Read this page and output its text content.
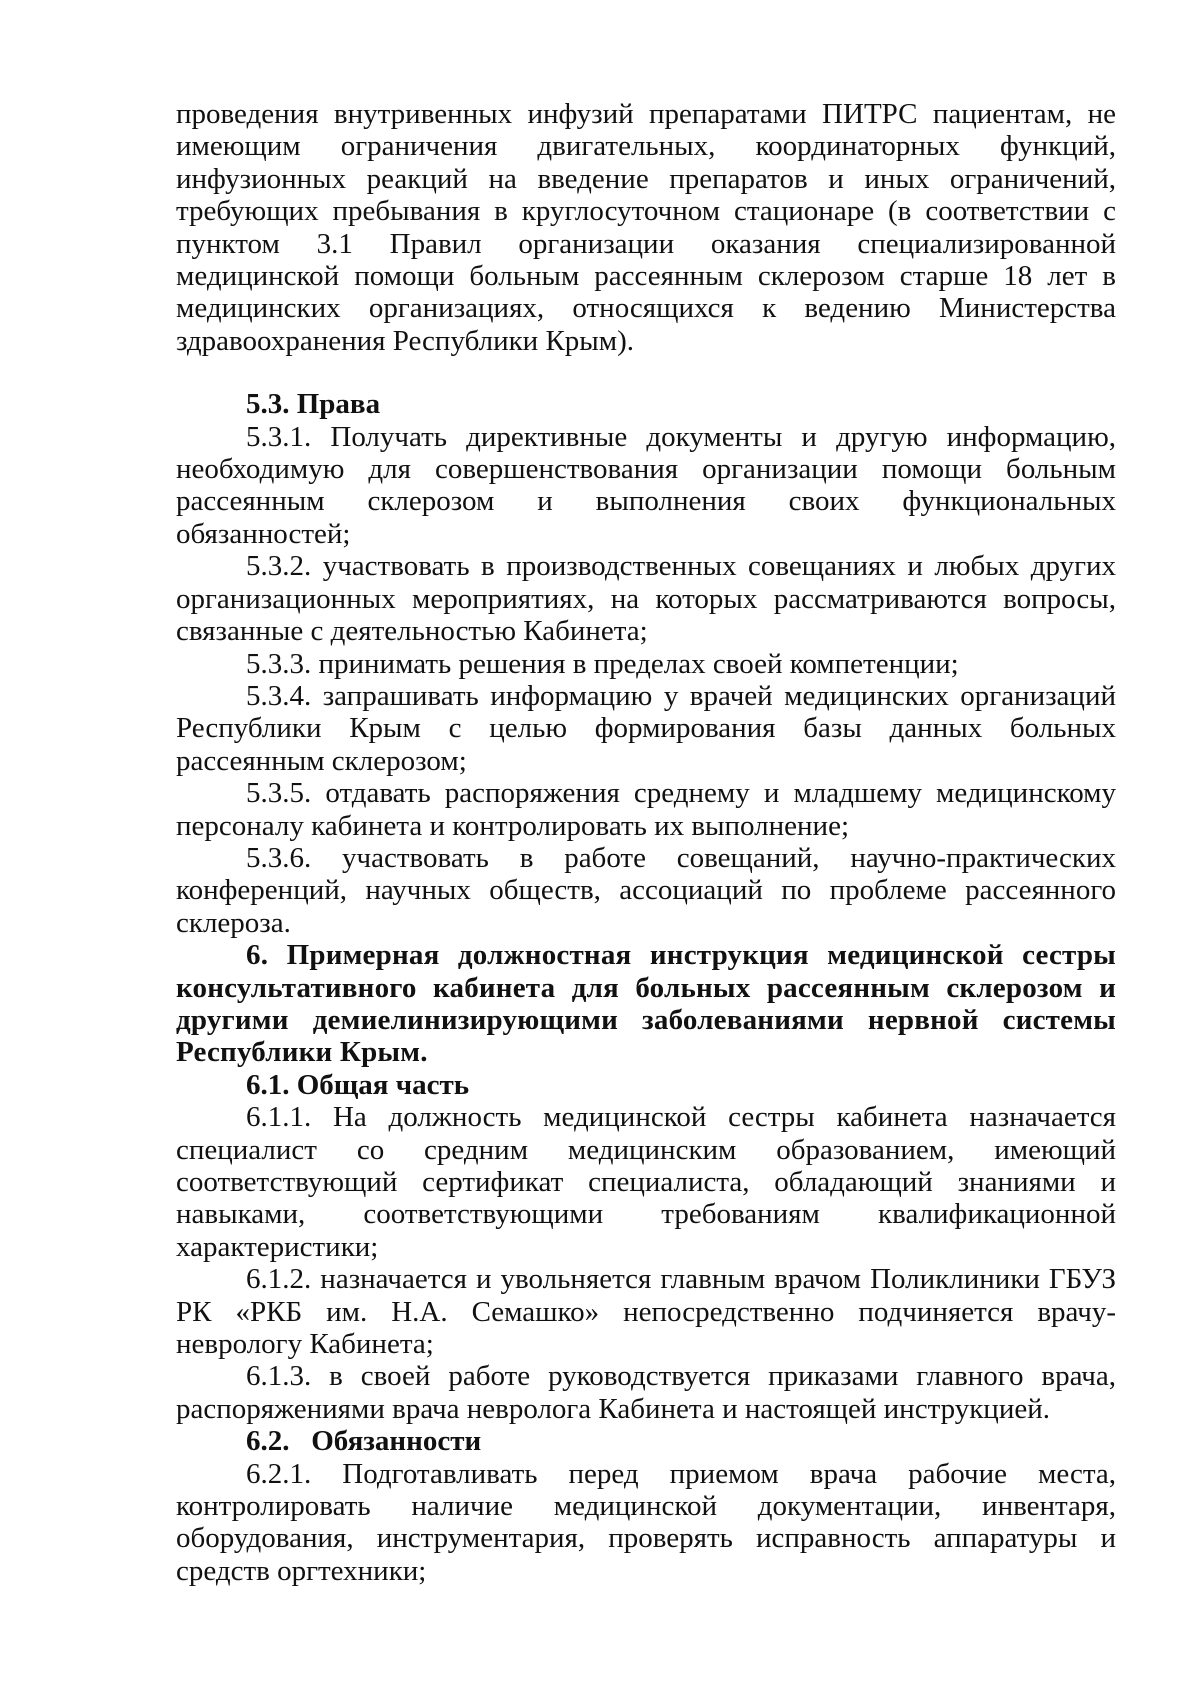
проведения внутривенных инфузий препаратами ПИТРС пациентам, не имеющим ограничения двигательных, координаторных функций, инфузионных реакций на введение препаратов и иных ограничений, требующих пребывания в круглосуточном стационаре (в соответствии с пунктом 3.1 Правил организации оказания специализированной медицинской помощи больным рассеянным склерозом старше 18 лет в медицинских организациях, относящихся к ведению Министерства здравоохранения Республики Крым).

5.3. Права

5.3.1. Получать директивные документы и другую информацию, необходимую для совершенствования организации помощи больным рассеянным склерозом и выполнения своих функциональных обязанностей;

5.3.2. участвовать в производственных совещаниях и любых других организационных мероприятиях, на которых рассматриваются вопросы, связанные с деятельностью Кабинета;

5.3.3. принимать решения в пределах своей компетенции;

5.3.4. запрашивать информацию у врачей медицинских организаций Республики Крым с целью формирования базы данных больных рассеянным склерозом;

5.3.5. отдавать распоряжения среднему и младшему медицинскому персоналу кабинета и контролировать их выполнение;

5.3.6. участвовать в работе совещаний, научно-практических конференций, научных обществ, ассоциаций по проблеме рассеянного склероза.

6. Примерная должностная инструкция медицинской сестры консультативного кабинета для больных рассеянным склерозом и другими демиелинизирующими заболеваниями нервной системы Республики Крым.

6.1. Общая часть

6.1.1. На должность медицинской сестры кабинета назначается специалист со средним медицинским образованием, имеющий соответствующий сертификат специалиста, обладающий знаниями и навыками, соответствующими требованиям квалификационной характеристики;

6.1.2. назначается и увольняется главным врачом Поликлиники ГБУЗ РК «РКБ им. Н.А. Семашко» непосредственно подчиняется врачу-неврологу Кабинета;

6.1.3. в своей работе руководствуется приказами главного врача, распоряжениями врача невролога Кабинета и настоящей инструкцией.

6.2.   Обязанности

6.2.1. Подготавливать перед приемом врача рабочие места, контролировать наличие медицинской документации, инвентаря, оборудования, инструментария, проверять исправность аппаратуры и средств оргтехники;
